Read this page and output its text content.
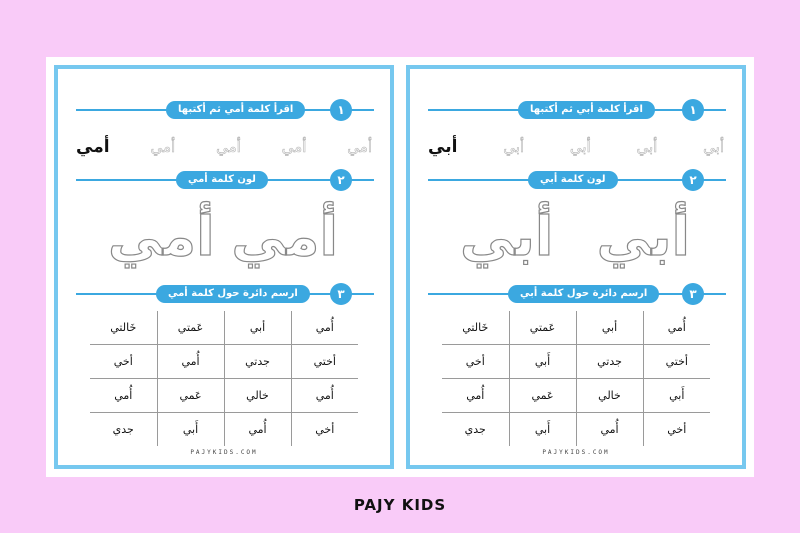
اقرأ كلمة أمي ثم أكتبها	١
أمي	أمي	أمي	أمي	أمي
لون كلمة أمي	٢
أمي أمي
ارسم دائرة حول كلمة أمي	٣
أُمي	أبي	عَمتي	خَالتي
أختي	جدتي	أُمي	أخي
أُمي	خالي	عَمي	أُمي
أخي	أُمي	أَبي	جدي
PAJYKIDS.COM
اقرأ كلمة أبي ثم أكتبها	١
أبي	أبي	أبي	أبي	أبي
لون كلمة أبي	٢
أبي أبي
ارسم دائرة حول كلمة أبي	٣
أُمي	أبي	عَمتي	خَالتي
أختي	جدتي	أَبي	أخي
أَبي	خالي	عَمي	أُمي
أخي	أُمي	أَبي	جدي
PAJYKIDS.COM
PAJY KIDS
